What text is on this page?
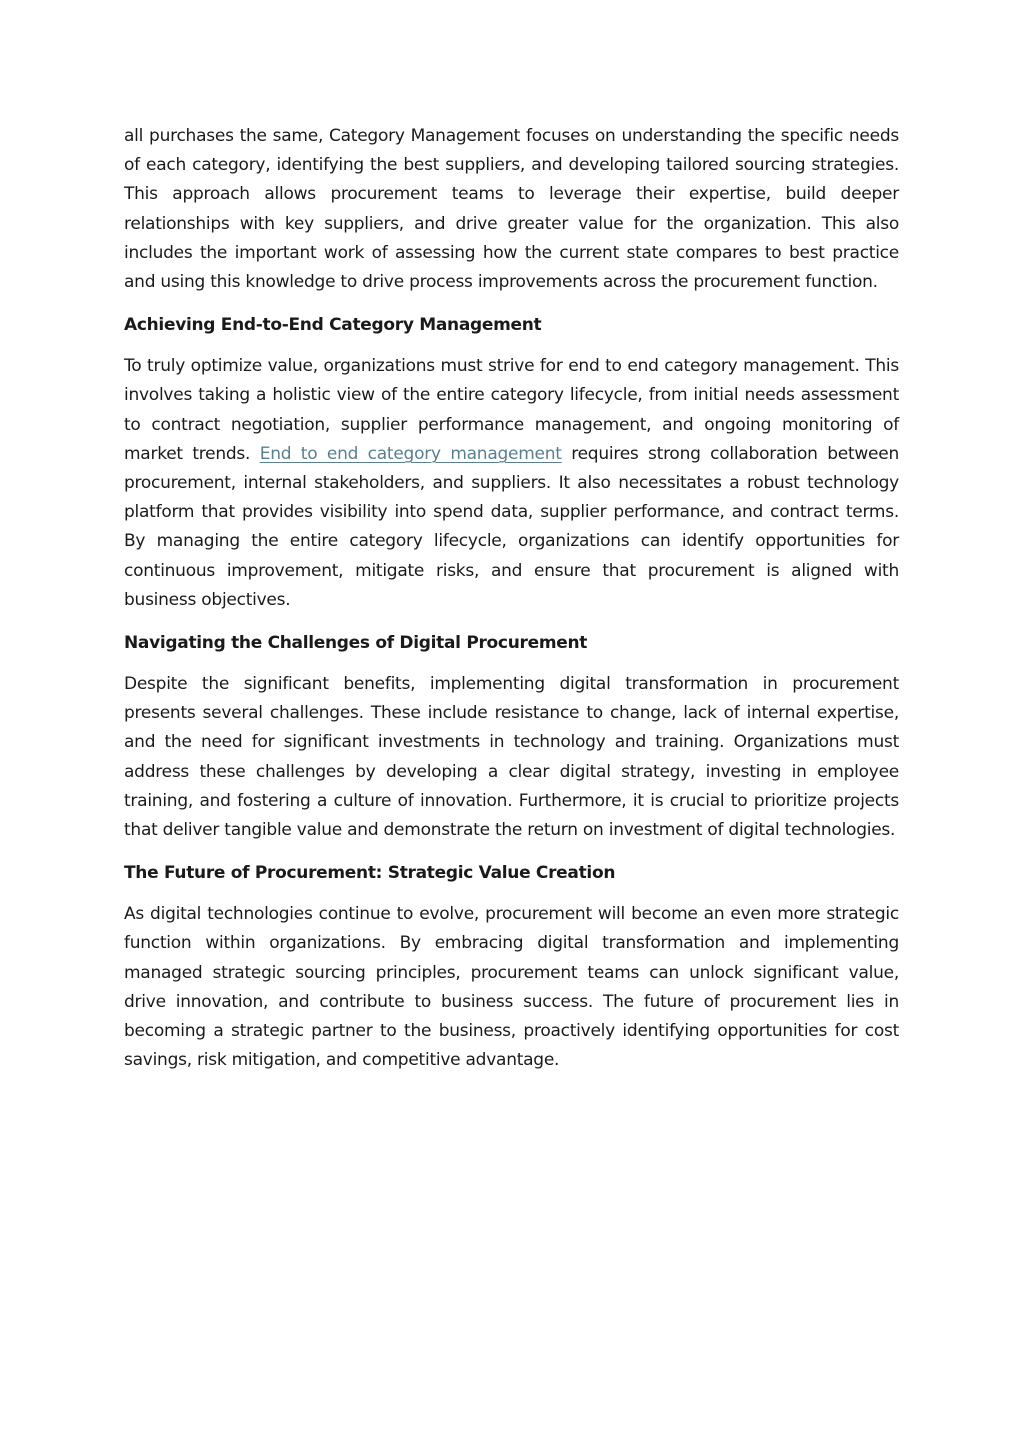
all purchases the same, Category Management focuses on understanding the specific needs of each category, identifying the best suppliers, and developing tailored sourcing strategies. This approach allows procurement teams to leverage their expertise, build deeper relationships with key suppliers, and drive greater value for the organization. This also includes the important work of assessing how the current state compares to best practice and using this knowledge to drive process improvements across the procurement function.

Achieving End-to-End Category Management

To truly optimize value, organizations must strive for end to end category management. This involves taking a holistic view of the entire category lifecycle, from initial needs assessment to contract negotiation, supplier performance management, and ongoing monitoring of market trends. End to end category management requires strong collaboration between procurement, internal stakeholders, and suppliers. It also necessitates a robust technology platform that provides visibility into spend data, supplier performance, and contract terms. By managing the entire category lifecycle, organizations can identify opportunities for continuous improvement, mitigate risks, and ensure that procurement is aligned with business objectives.

Navigating the Challenges of Digital Procurement

Despite the significant benefits, implementing digital transformation in procurement presents several challenges. These include resistance to change, lack of internal expertise, and the need for significant investments in technology and training. Organizations must address these challenges by developing a clear digital strategy, investing in employee training, and fostering a culture of innovation. Furthermore, it is crucial to prioritize projects that deliver tangible value and demonstrate the return on investment of digital technologies.

The Future of Procurement: Strategic Value Creation

As digital technologies continue to evolve, procurement will become an even more strategic function within organizations. By embracing digital transformation and implementing managed strategic sourcing principles, procurement teams can unlock significant value, drive innovation, and contribute to business success. The future of procurement lies in becoming a strategic partner to the business, proactively identifying opportunities for cost savings, risk mitigation, and competitive advantage.
